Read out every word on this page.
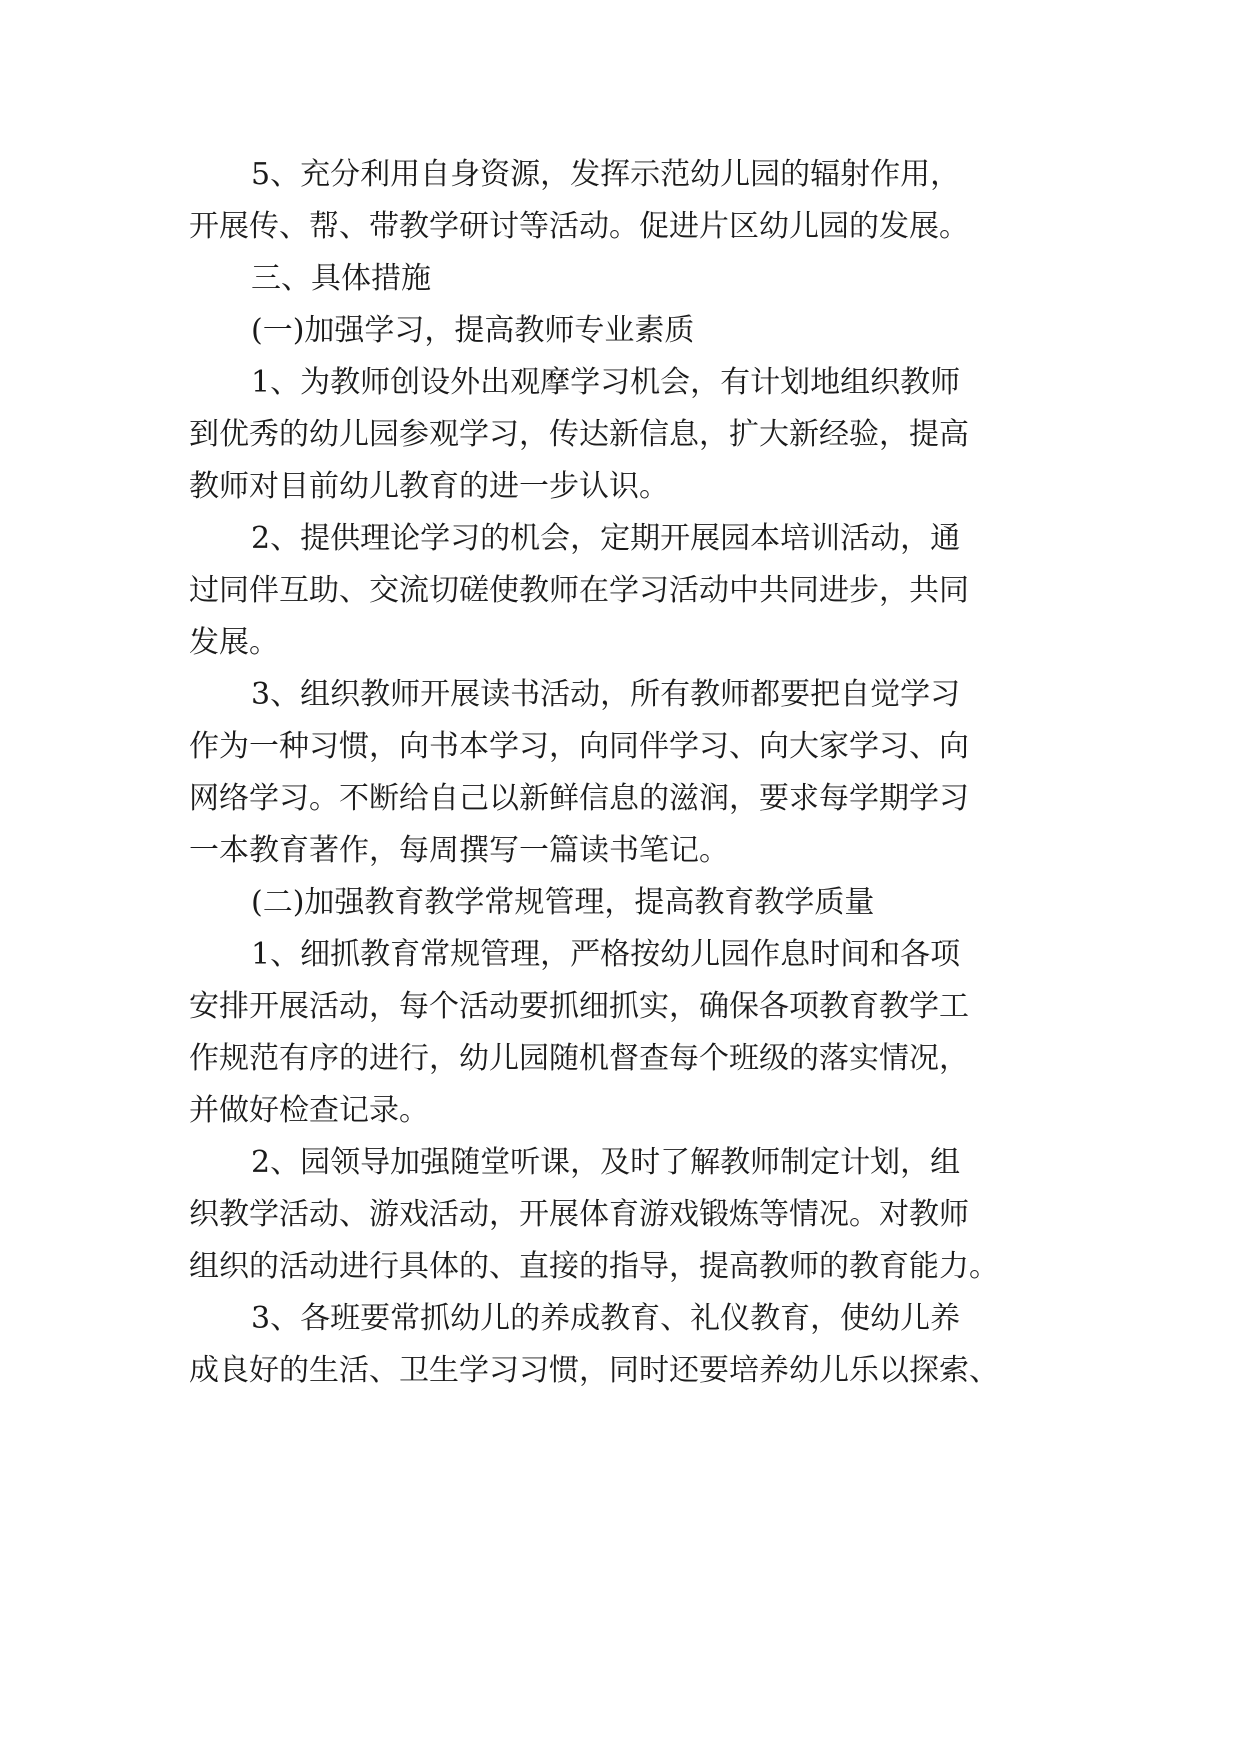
5、充分利用自身资源，发挥示范幼儿园的辐射作用，
开展传、帮、带教学研讨等活动。促进片区幼儿园的发展。
三、具体措施
(一)加强学习，提高教师专业素质
1、为教师创设外出观摩学习机会，有计划地组织教师
到优秀的幼儿园参观学习，传达新信息，扩大新经验，提高
教师对目前幼儿教育的进一步认识。
2、提供理论学习的机会，定期开展园本培训活动，通
过同伴互助、交流切磋使教师在学习活动中共同进步，共同
发展。
3、组织教师开展读书活动，所有教师都要把自觉学习
作为一种习惯，向书本学习，向同伴学习、向大家学习、向
网络学习。不断给自己以新鲜信息的滋润，要求每学期学习
一本教育著作，每周撰写一篇读书笔记。
(二)加强教育教学常规管理，提高教育教学质量
1、细抓教育常规管理，严格按幼儿园作息时间和各项
安排开展活动，每个活动要抓细抓实，确保各项教育教学工
作规范有序的进行，幼儿园随机督查每个班级的落实情况，
并做好检查记录。
2、园领导加强随堂听课，及时了解教师制定计划，组
织教学活动、游戏活动，开展体育游戏锻炼等情况。对教师
组织的活动进行具体的、直接的指导，提高教师的教育能力。
3、各班要常抓幼儿的养成教育、礼仪教育，使幼儿养
成良好的生活、卫生学习习惯，同时还要培养幼儿乐以探索、
